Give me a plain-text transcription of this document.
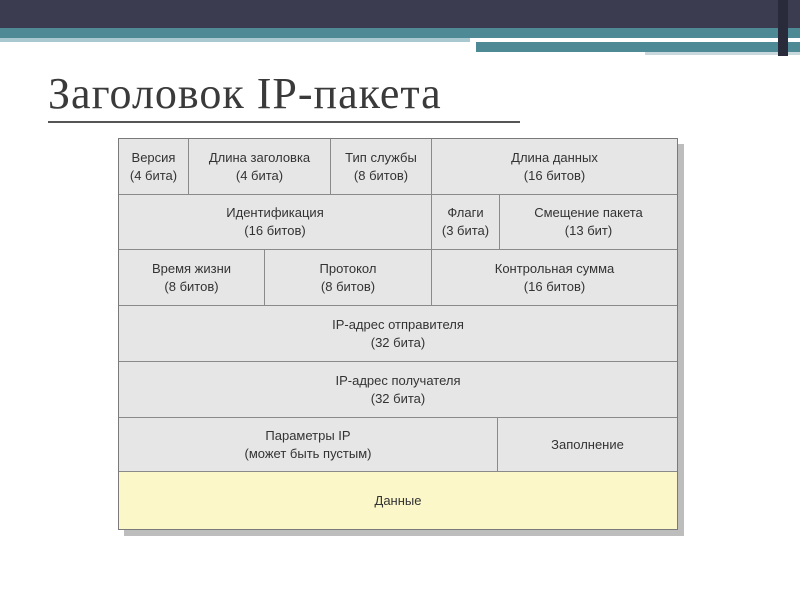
Заголовок IP-пакета
Версия
(4 бита)
Длина заголовка
(4 бита)
Тип службы
(8 битов)
Длина данных
(16 битов)
Идентификация
(16 битов)
Флаги
(3 бита)
Смещение пакета
(13 бит)
Время жизни
(8 битов)
Протокол
(8 битов)
Контрольная сумма
(16 битов)
IP-адрес отправителя
(32 бита)
IP-адрес получателя
(32 бита)
Параметры IP
(может быть пустым)
Заполнение
Данные
